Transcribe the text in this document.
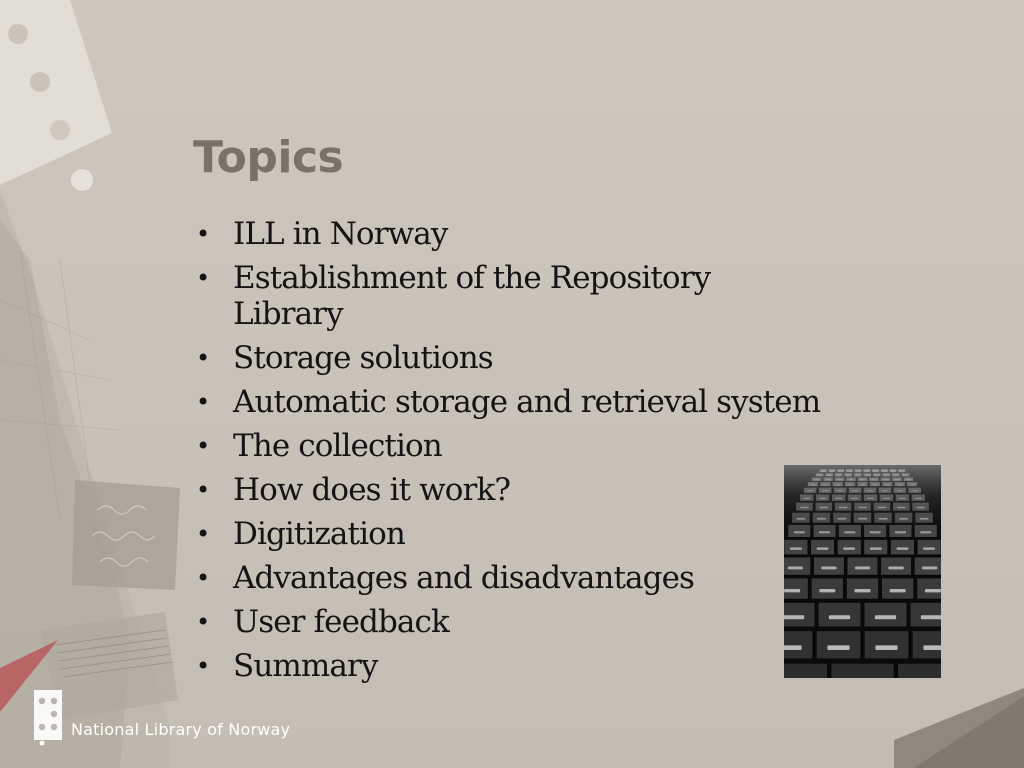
Topics
• ILL in Norway
• Establishment of the Repository Library
• Storage solutions
• Automatic storage and retrieval system
• The collection
• How does it work?
• Digitization
• Advantages and disadvantages
• User feedback
• Summary
National Library of Norway
